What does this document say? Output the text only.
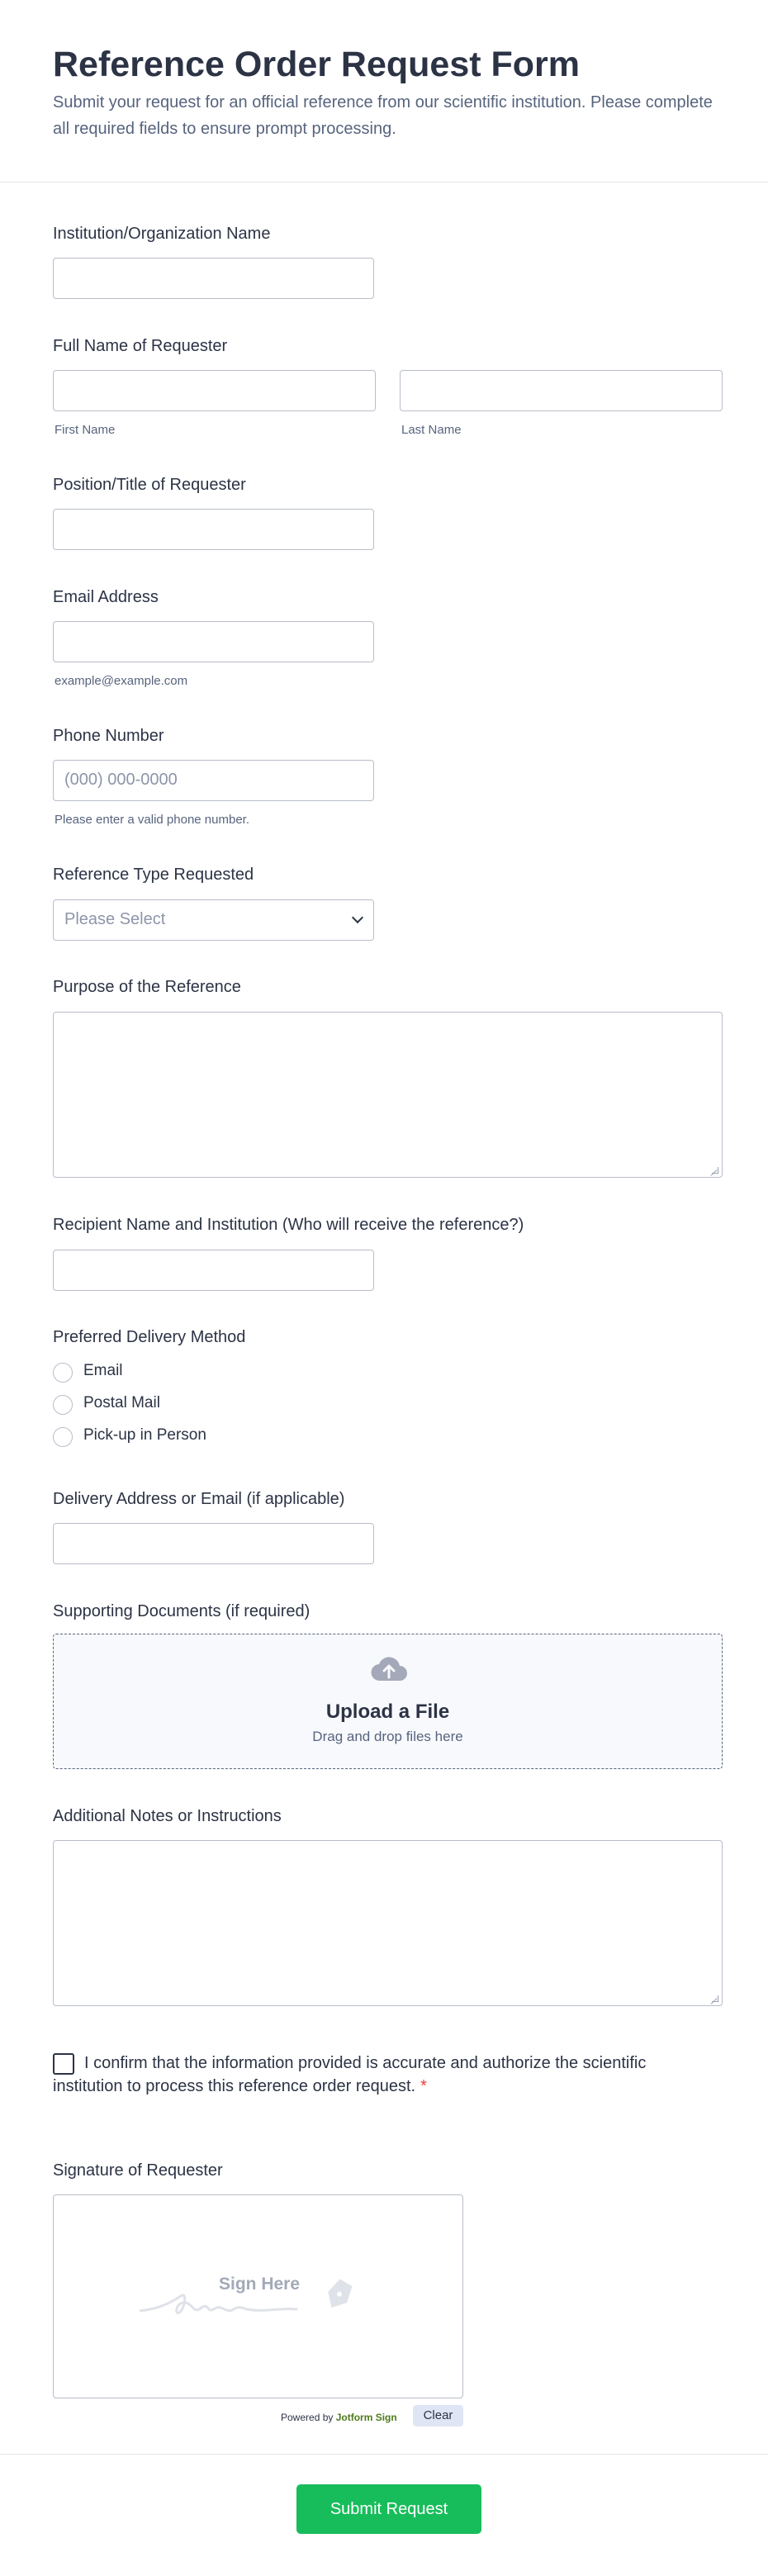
Reference Order Request Form

Submit your request for an official reference from our scientific institution. Please complete all required fields to ensure prompt processing.

Institution/Organization Name
Full Name of Requester
First Name	Last Name
Position/Title of Requester
Email Address
example@example.com
Phone Number
(000) 000-0000
Please enter a valid phone number.
Reference Type Requested
Please Select
Purpose of the Reference
Recipient Name and Institution (Who will receive the reference?)
Preferred Delivery Method
Email
Postal Mail
Pick-up in Person
Delivery Address or Email (if applicable)
Supporting Documents (if required)
Upload a File
Drag and drop files here
Additional Notes or Instructions
I confirm that the information provided is accurate and authorize the scientific institution to process this reference order request. *
Signature of Requester
Sign Here
Powered by Jotform Sign	Clear
Submit Request
